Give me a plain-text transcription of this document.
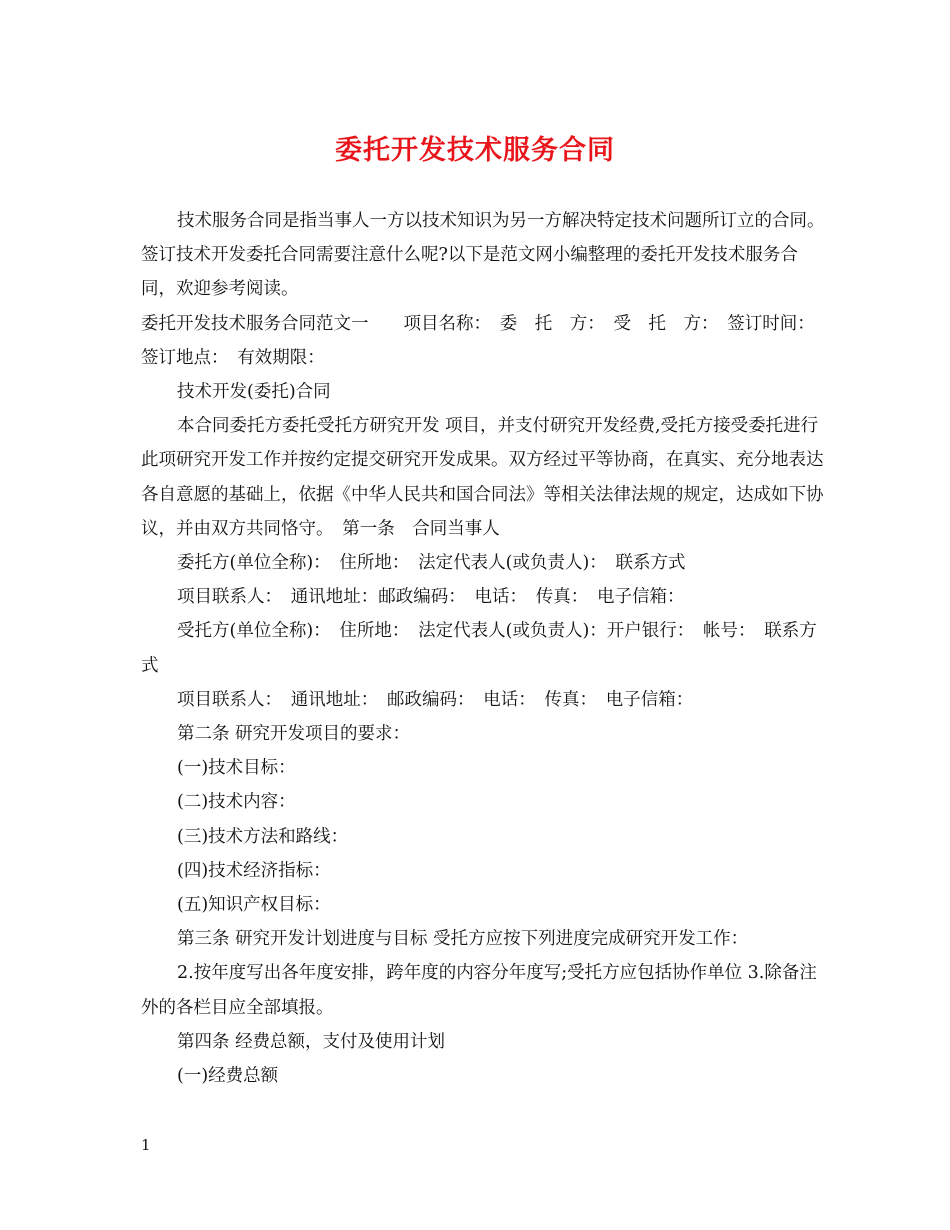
委托开发技术服务合同

技术服务合同是指当事人一方以技术知识为另一方解决特定技术问题所订立的合同。签订技术开发委托合同需要注意什么呢?以下是范文网小编整理的委托开发技术服务合同，欢迎参考阅读。

委托开发技术服务合同范文一　　项目名称：　委　托　方：　受　托　方：　签订时间：　签订地点：　有效期限：

技术开发(委托)合同

本合同委托方委托受托方研究开发 项目，并支付研究开发经费,受托方接受委托进行此项研究开发工作并按约定提交研究开发成果。双方经过平等协商，在真实、充分地表达各自意愿的基础上，依据《中华人民共和国合同法》等相关法律法规的规定，达成如下协议，并由双方共同恪守。　第一条　合同当事人

委托方(单位全称)：　住所地：　法定代表人(或负责人)：　联系方式

项目联系人：　通讯地址：邮政编码：　电话：　传真：　电子信箱：

受托方(单位全称)：　住所地：　法定代表人(或负责人)：开户银行：　帐号：　联系方式

项目联系人：　通讯地址：　邮政编码：　电话：　传真：　电子信箱：

第二条 研究开发项目的要求：

(一)技术目标：

(二)技术内容：

(三)技术方法和路线：

(四)技术经济指标：

(五)知识产权目标：

第三条 研究开发计划进度与目标 受托方应按下列进度完成研究开发工作：

2.按年度写出各年度安排，跨年度的内容分年度写;受托方应包括协作单位 3.除备注外的各栏目应全部填报。

第四条 经费总额，支付及使用计划

(一)经费总额

1
